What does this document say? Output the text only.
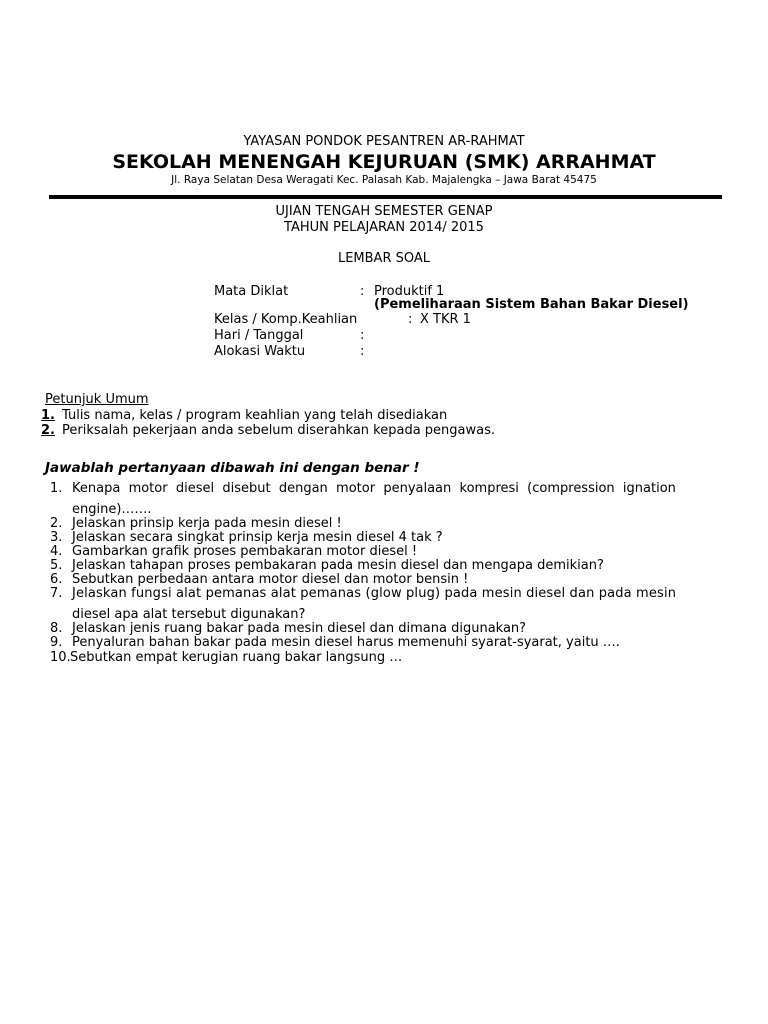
YAYASAN PONDOK PESANTREN AR-RAHMAT
SEKOLAH MENENGAH KEJURUAN (SMK) ARRAHMAT
Jl. Raya Selatan Desa Weragati Kec. Palasah Kab. Majalengka – Jawa Barat 45475
UJIAN TENGAH SEMESTER GENAP
TAHUN PELAJARAN 2014/ 2015
LEMBAR SOAL
Mata Diklat	: Produktif 1
(Pemeliharaan Sistem Bahan Bakar Diesel)
Kelas / Komp.Keahlian	: X TKR 1
Hari / Tanggal	:
Alokasi Waktu	:
Petunjuk Umum
1. Tulis nama, kelas / program keahlian yang telah disediakan
2. Periksalah pekerjaan anda sebelum diserahkan kepada pengawas.
Jawablah pertanyaan dibawah ini dengan benar !
1. Kenapa  motor  diesel  disebut  dengan  motor  penyalaan  kompresi  (compression  ignation
engine)…….
2. Jelaskan prinsip kerja pada mesin diesel !
3. Jelaskan secara singkat prinsip kerja mesin diesel 4 tak ?
4. Gambarkan grafik proses pembakaran motor diesel !
5. Jelaskan tahapan proses pembakaran pada mesin diesel dan mengapa demikian?
6. Sebutkan perbedaan antara motor diesel dan motor bensin !
7. Jelaskan fungsi alat pemanas alat pemanas (glow plug) pada mesin diesel dan pada mesin
diesel apa alat tersebut digunakan?
8. Jelaskan jenis ruang bakar pada mesin diesel dan dimana digunakan?
9. Penyaluran bahan bakar pada mesin diesel harus memenuhi syarat-syarat, yaitu ….
10. Sebutkan empat kerugian ruang bakar langsung …
